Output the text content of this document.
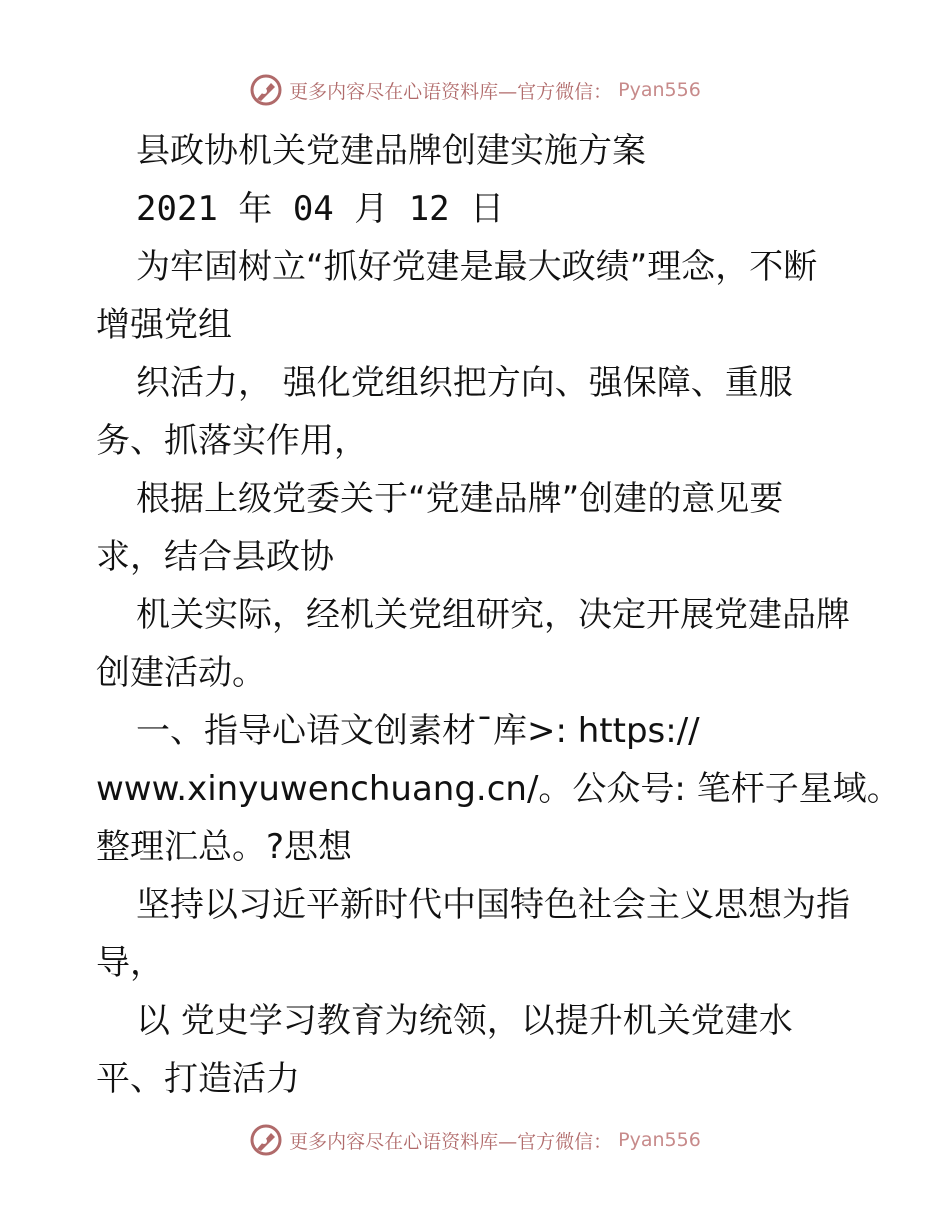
更多内容尽在心语资料库—官方微信： Pyan556
县政协机关党建品牌创建实施方案
2021 年 04 月 12 日
为牢固树立“抓好党建是最大政绩”理念，不断
增强党组
织活力， 强化党组织把方向、强保障、重服
务、抓落实作用，
根据上级党委关于“党建品牌”创建的意见要
求，结合县政协
机关实际，经机关党组研究，决定开展党建品牌
创建活动。
一、指导心语文创素材¯库>: https://
www.xinyuwenchuang.cn/。公众号: 笔杆子星域。
整理汇总。?思想
坚持以习近平新时代中国特色社会主义思想为指
导，
以 党史学习教育为统领，以提升机关党建水
平、打造活力
更多内容尽在心语资料库—官方微信： Pyan556
